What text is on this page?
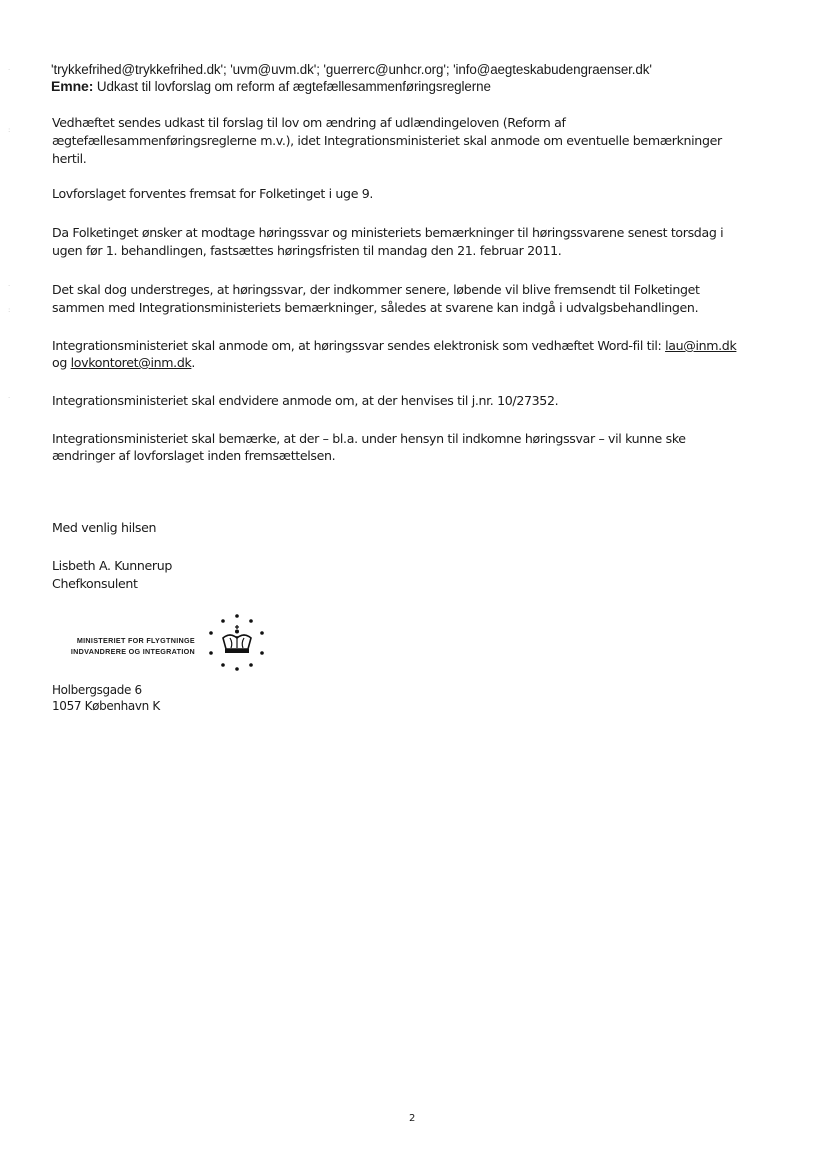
·
:
·
:
·
'trykkefrihed@trykkefrihed.dk'; 'uvm@uvm.dk'; 'guerrerc@unhcr.org'; 'info@aegteskabudengraenser.dk'
Emne: Udkast til lovforslag om reform af ægtefællesammenføringsreglerne
Vedhæftet sendes udkast til forslag til lov om ændring af udlændingeloven (Reform af
ægtefællesammenføringsreglerne m.v.), idet Integrationsministeriet skal anmode om eventuelle bemærkninger
hertil.
Lovforslaget forventes fremsat for Folketinget i uge 9.
Da Folketinget ønsker at modtage høringssvar og ministeriets bemærkninger til høringssvarene senest torsdag i
ugen før 1. behandlingen, fastsættes høringsfristen til mandag den 21. februar 2011.
Det skal dog understreges, at høringssvar, der indkommer senere, løbende vil blive fremsendt til Folketinget
sammen med Integrationsministeriets bemærkninger, således at svarene kan indgå i udvalgsbehandlingen.
Integrationsministeriet skal anmode om, at høringssvar sendes elektronisk som vedhæftet Word-fil til: lau@inm.dk
og lovkontoret@inm.dk.
Integrationsministeriet skal endvidere anmode om, at der henvises til j.nr. 10/27352.
Integrationsministeriet skal bemærke, at der – bl.a. under hensyn til indkomne høringssvar – vil kunne ske
ændringer af lovforslaget inden fremsættelsen.
Med venlig hilsen
Lisbeth A. Kunnerup
Chefkonsulent
MINISTERIET FOR FLYGTNINGE
INDVANDRERE OG INTEGRATION
Holbergsgade 6
1057 København K
2
